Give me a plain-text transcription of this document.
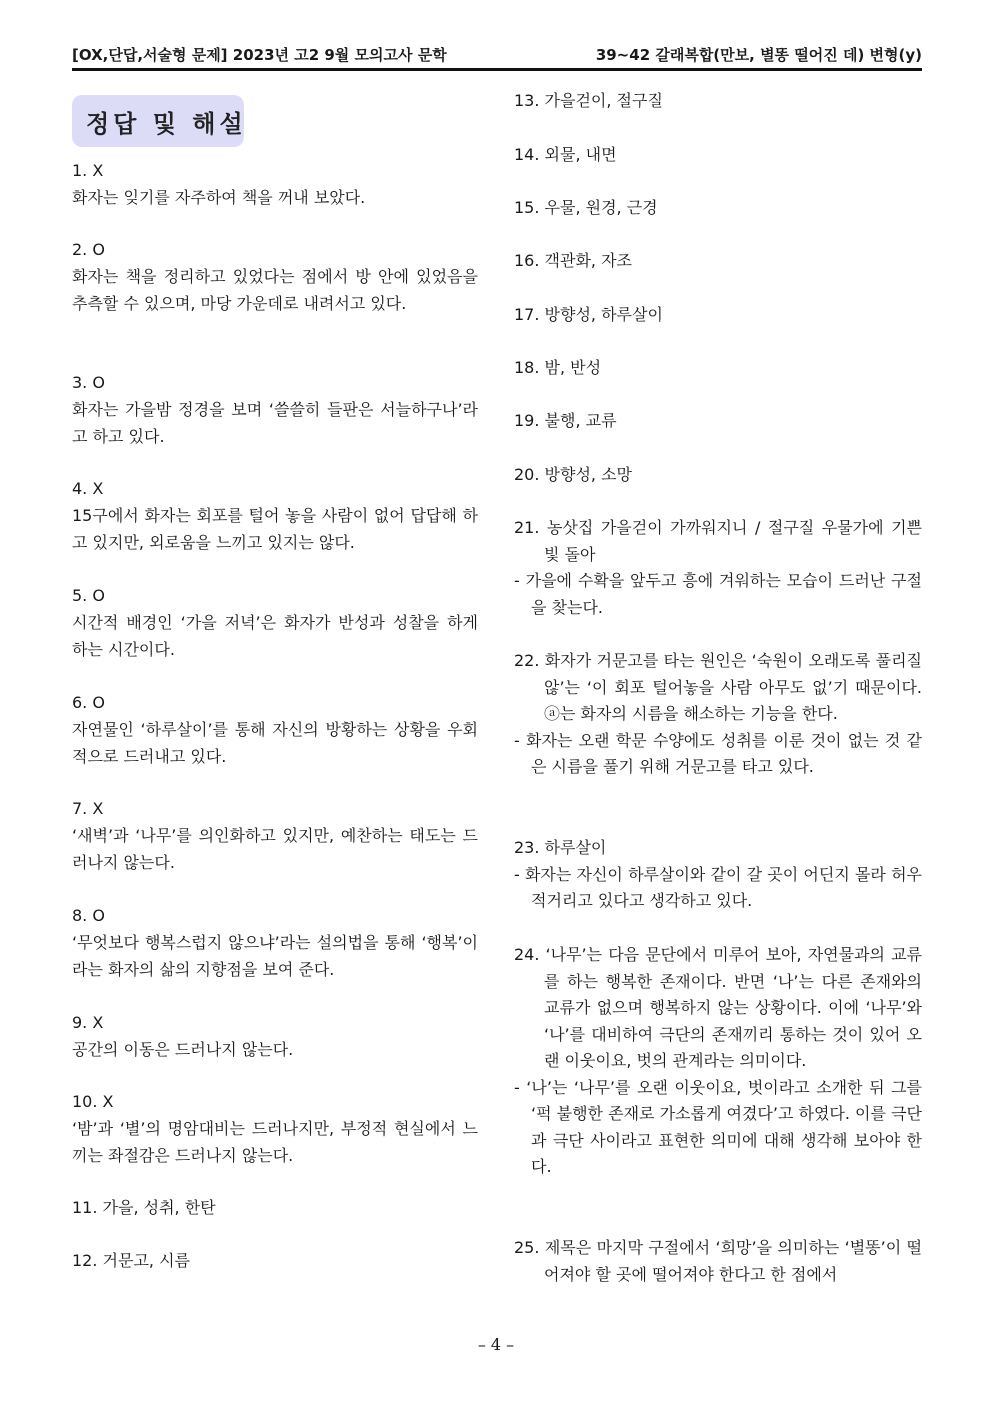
[OX,단답,서술형 문제] 2023년 고2 9월 모의고사 문학	39~42 갈래복합(만보, 별똥 떨어진 데) 변형(y)
정답 및 해설
1. X
화자는 잊기를 자주하여 책을 꺼내 보았다.
2. O
화자는 책을 정리하고 있었다는 점에서 방 안에 있었음을 추측할 수 있으며, 마당 가운데로 내려서고 있다.
3. O
화자는 가을밤 정경을 보며 ‘쓸쓸히 들판은 서늘하구나’라고 하고 있다.
4. X
15구에서 화자는 회포를 털어 놓을 사람이 없어 답답해 하고 있지만, 외로움을 느끼고 있지는 않다.
5. O
시간적 배경인 ‘가을 저녁’은 화자가 반성과 성찰을 하게 하는 시간이다.
6. O
자연물인 ‘하루살이’를 통해 자신의 방황하는 상황을 우회적으로 드러내고 있다.
7. X
‘새벽’과 ‘나무’를 의인화하고 있지만, 예찬하는 태도는 드러나지 않는다.
8. O
‘무엇보다 행복스럽지 않으냐’라는 설의법을 통해 ‘행복’이라는 화자의 삶의 지향점을 보여 준다.
9. X
공간의 이동은 드러나지 않는다.
10. X
‘밤’과 ‘별’의 명암대비는 드러나지만, 부정적 현실에서 느끼는 좌절감은 드러나지 않는다.
11. 가을, 성취, 한탄
12. 거문고, 시름
13. 가을걷이, 절구질
14. 외물, 내면
15. 우물, 원경, 근경
16. 객관화, 자조
17. 방향성, 하루살이
18. 밤, 반성
19. 불행, 교류
20. 방향성, 소망
21. 농삿집 가을걷이 가까워지니 / 절구질 우물가에 기쁜 빛 돌아
- 가을에 수확을 앞두고 흥에 겨워하는 모습이 드러난 구절을 찾는다.
22. 화자가 거문고를 타는 원인은 ‘숙원이 오래도록 풀리질 않’는 ‘이 회포 털어놓을 사람 아무도 없’기 때문이다. ⓐ는 화자의 시름을 해소하는 기능을 한다.
- 화자는 오랜 학문 수양에도 성취를 이룬 것이 없는 것 같은 시름을 풀기 위해 거문고를 타고 있다.
23. 하루살이
- 화자는 자신이 하루살이와 같이 갈 곳이 어딘지 몰라 허우적거리고 있다고 생각하고 있다.
24. ‘나무’는 다음 문단에서 미루어 보아, 자연물과의 교류를 하는 행복한 존재이다. 반면 ‘나’는 다른 존재와의 교류가 없으며 행복하지 않는 상황이다. 이에 ‘나무’와 ‘나’를 대비하여 극단의 존재끼리 통하는 것이 있어 오랜 이웃이요, 벗의 관계라는 의미이다.
- ‘나’는 ‘나무’를 오랜 이웃이요, 벗이라고 소개한 뒤 그를 ‘퍽 불행한 존재로 가소롭게 여겼다’고 하였다. 이를 극단과 극단 사이라고 표현한 의미에 대해 생각해 보아야 한다.
25. 제목은 마지막 구절에서 ‘희망’을 의미하는 ‘별똥’이 떨어져야 할 곳에 떨어져야 한다고 한 점에서
– 4 –
